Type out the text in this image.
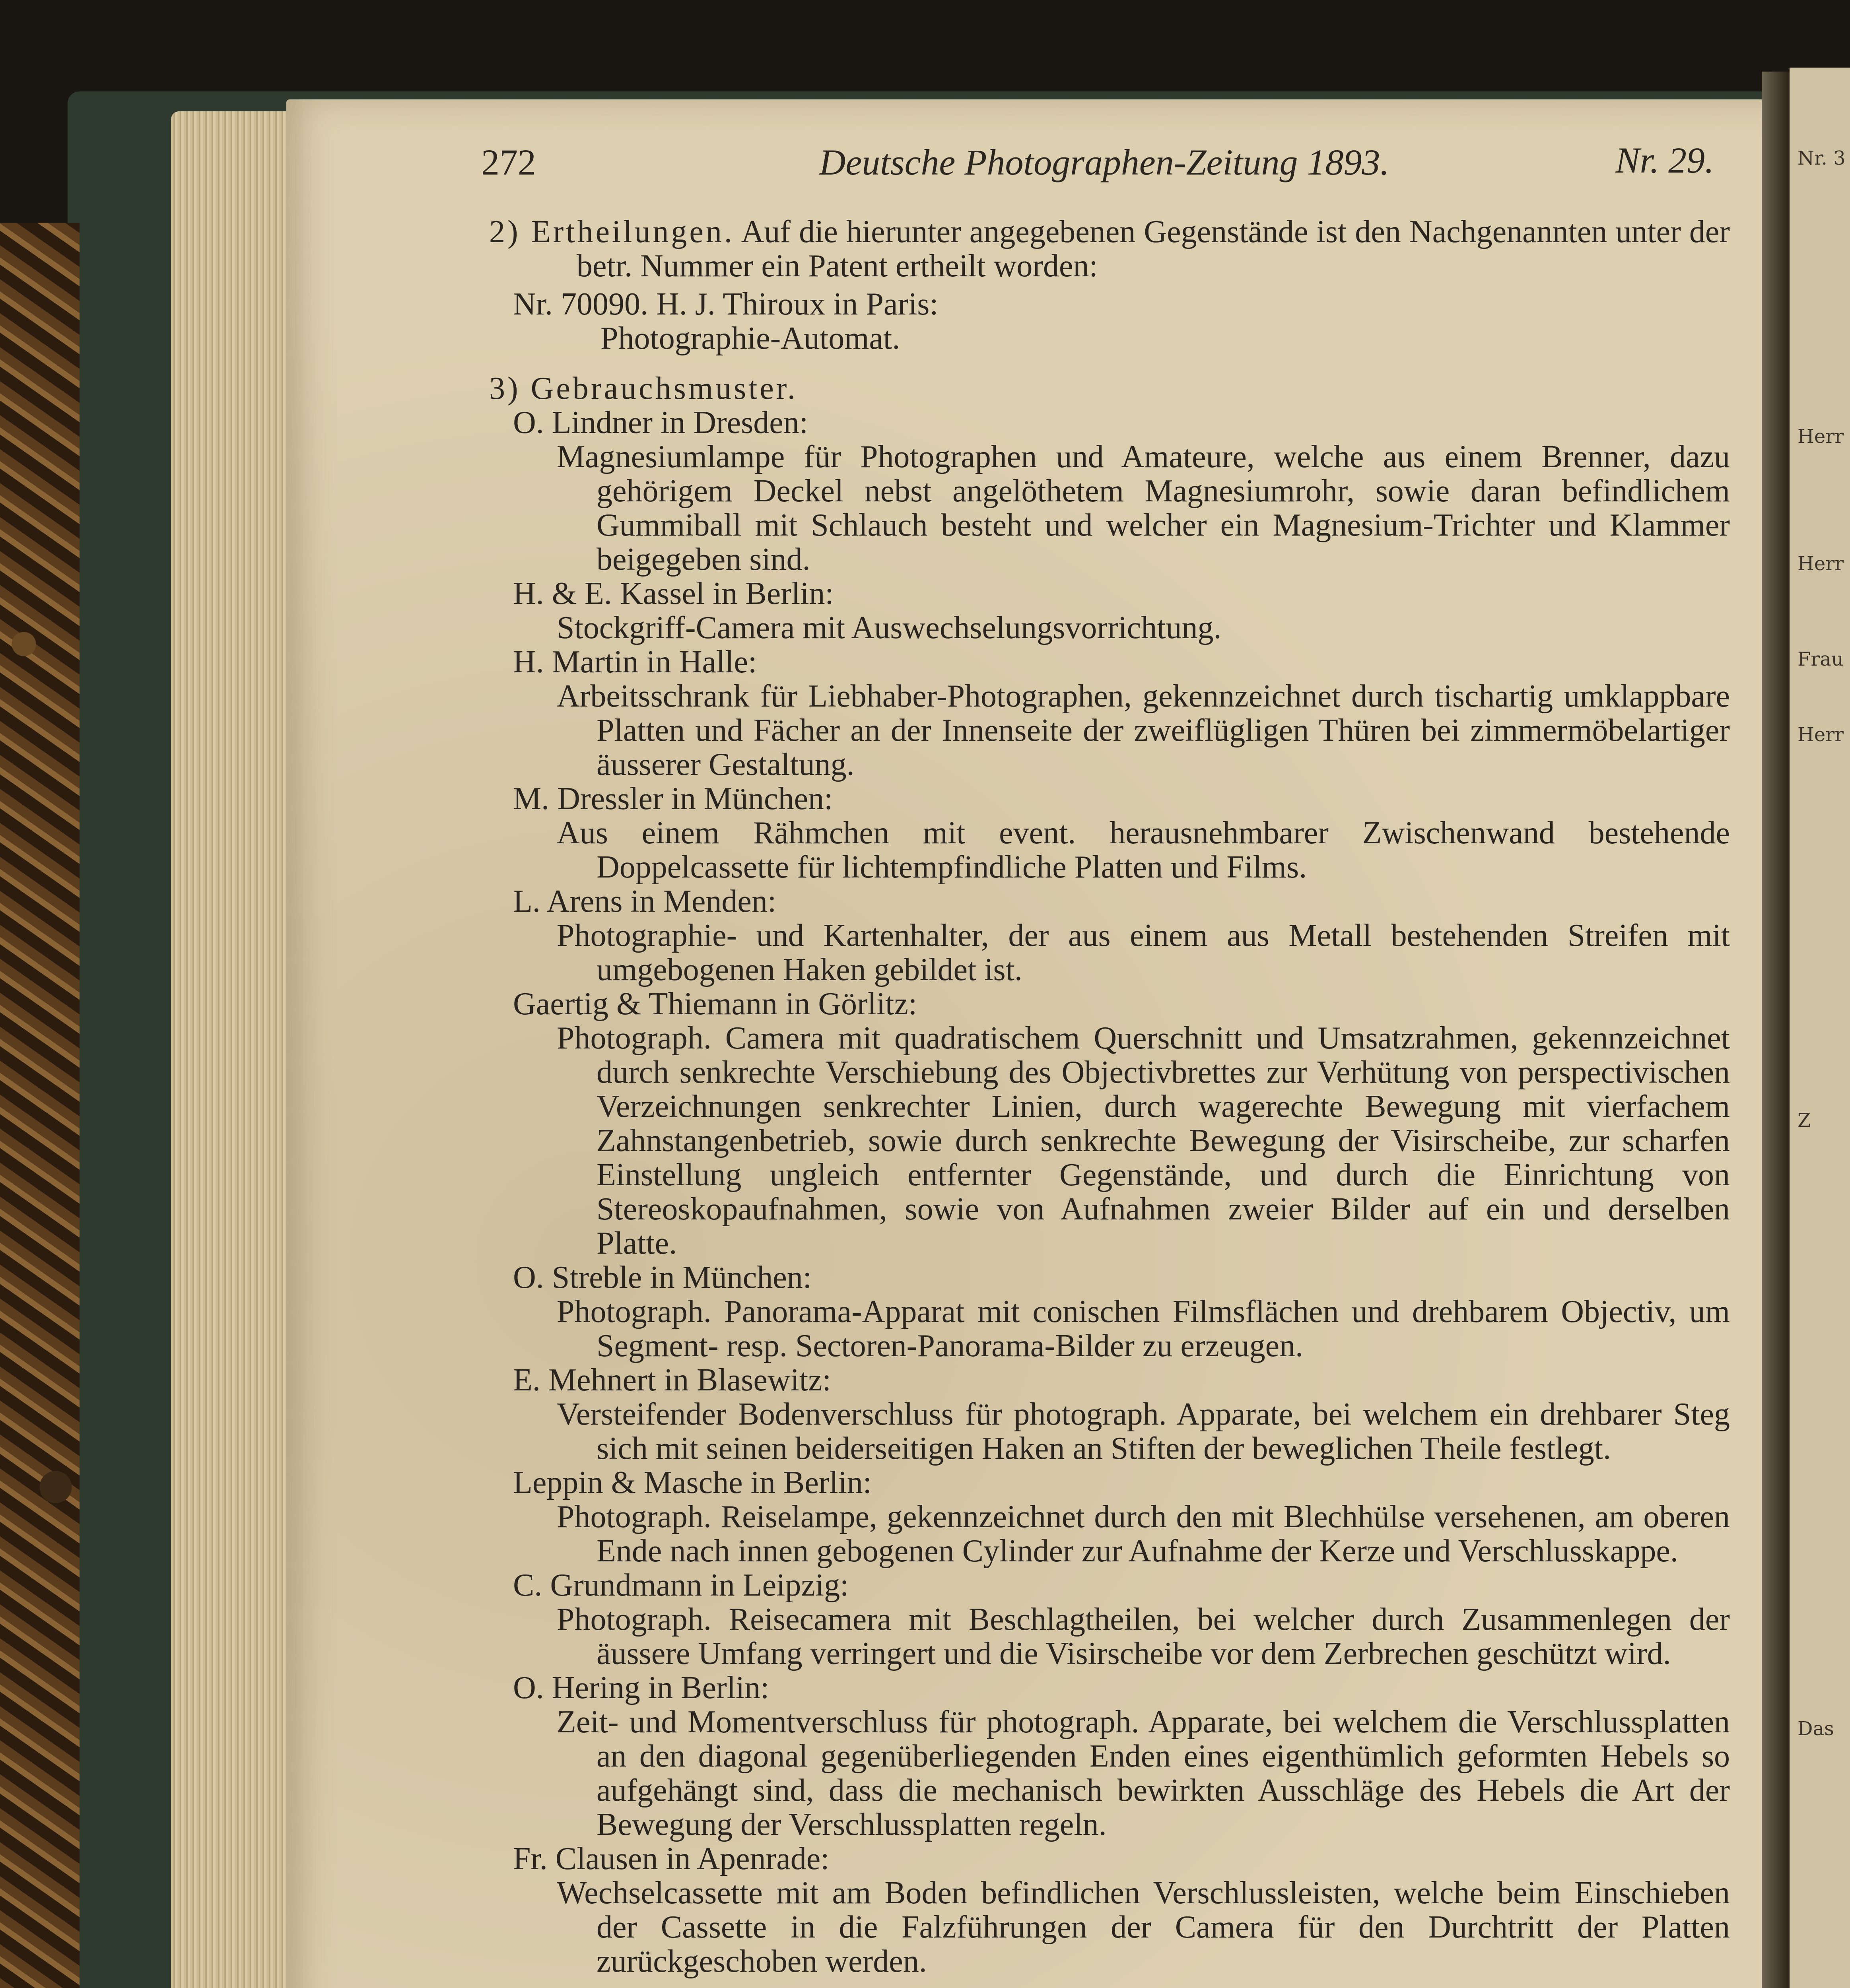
Nr. 3
Herr
Herr
Frau
Herr
Z
Das
272	Deutsche Photographen-Zeitung 1893.	Nr. 29.

2) Ertheilungen. Auf die hierunter angegebenen Gegenstände ist den Nachgenannten unter der betr. Nummer ein Patent ertheilt worden:

Nr. 70090. H. J. Thiroux in Paris:
Photographie-Automat.
3) Gebrauchsmuster.
O. Lindner in Dresden:
Magnesiumlampe für Photographen und Amateure, welche aus einem Brenner, dazu gehörigem Deckel nebst angelöthetem Magnesiumrohr, sowie daran befindlichem Gummiball mit Schlauch besteht und welcher ein Magnesium-Trichter und Klammer beigegeben sind.
H. & E. Kassel in Berlin:
Stockgriff-Camera mit Auswechselungsvorrichtung.
H. Martin in Halle:
Arbeitsschrank für Liebhaber-Photographen, gekennzeichnet durch tischartig umklappbare Platten und Fächer an der Innenseite der zweiflügligen Thüren bei zimmermöbelartiger äusserer Gestaltung.
M. Dressler in München:
Aus einem Rähmchen mit event. herausnehmbarer Zwischenwand bestehende Doppelcassette für lichtempfindliche Platten und Films.
L. Arens in Menden:
Photographie- und Kartenhalter, der aus einem aus Metall bestehenden Streifen mit umgebogenen Haken gebildet ist.
Gaertig & Thiemann in Görlitz:
Photograph. Camera mit quadratischem Querschnitt und Umsatzrahmen, gekennzeichnet durch senkrechte Verschiebung des Objectivbrettes zur Verhütung von perspectivischen Verzeichnungen senkrechter Linien, durch wagerechte Bewegung mit vierfachem Zahnstangenbetrieb, sowie durch senkrechte Bewegung der Visirscheibe, zur scharfen Einstellung ungleich entfernter Gegenstände, und durch die Einrichtung von Stereoskopaufnahmen, sowie von Aufnahmen zweier Bilder auf ein und derselben Platte.
O. Streble in München:
Photograph. Panorama-Apparat mit conischen Filmsflächen und drehbarem Objectiv, um Segment- resp. Sectoren-Panorama-Bilder zu erzeugen.
E. Mehnert in Blasewitz:
Versteifender Bodenverschluss für photograph. Apparate, bei welchem ein drehbarer Steg sich mit seinen beiderseitigen Haken an Stiften der beweglichen Theile festlegt.
Leppin & Masche in Berlin:
Photograph. Reiselampe, gekennzeichnet durch den mit Blechhülse versehenen, am oberen Ende nach innen gebogenen Cylinder zur Aufnahme der Kerze und Verschlusskappe.
C. Grundmann in Leipzig:
Photograph. Reisecamera mit Beschlagtheilen, bei welcher durch Zusammenlegen der äussere Umfang verringert und die Visirscheibe vor dem Zerbrechen geschützt wird.
O. Hering in Berlin:
Zeit- und Momentverschluss für photograph. Apparate, bei welchem die Verschlussplatten an den diagonal gegenüberliegenden Enden eines eigenthümlich geformten Hebels so aufgehängt sind, dass die mechanisch bewirkten Ausschläge des Hebels die Art der Bewegung der Verschlussplatten regeln.
Fr. Clausen in Apenrade:
Wechselcassette mit am Boden befindlichen Verschlussleisten, welche beim Einschieben der Cassette in die Falzführungen der Camera für den Durchtritt der Platten zurückgeschoben werden.
